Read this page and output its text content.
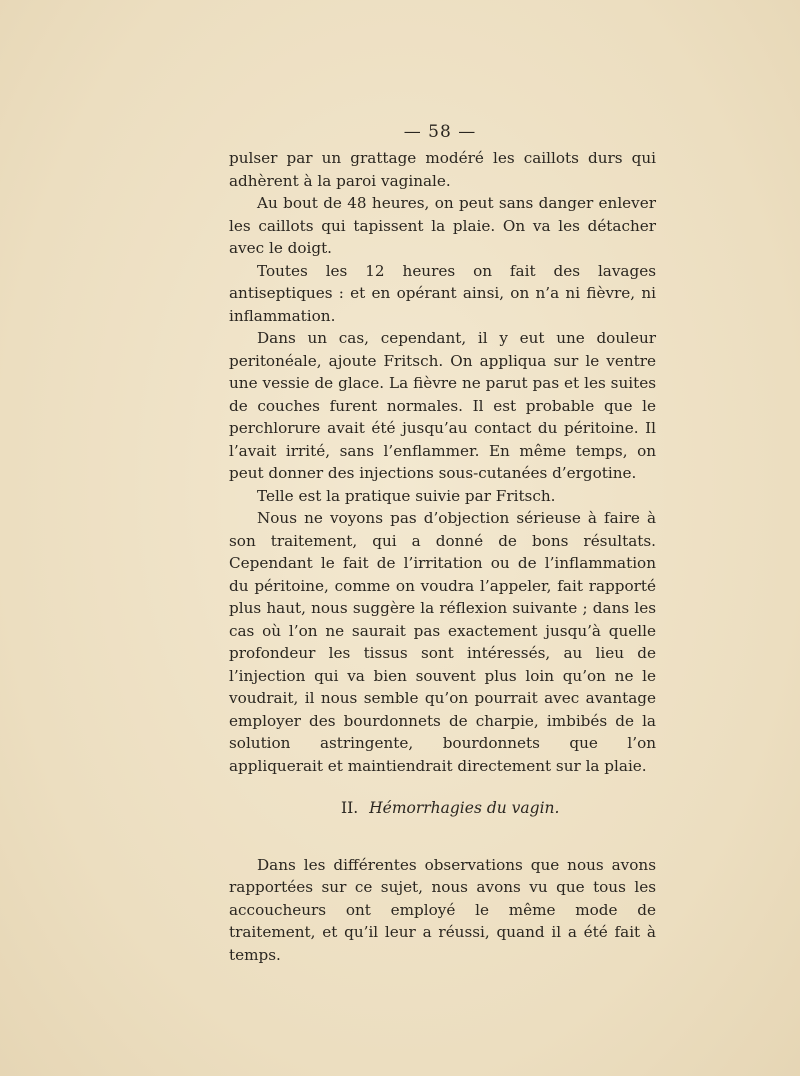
— 58 —

pulser par un grattage modéré les caillots durs qui adhèrent à la paroi vaginale.

Au bout de 48 heures, on peut sans danger enlever les caillots qui tapissent la plaie. On va les détacher avec le doigt.

Toutes les 12 heures on fait des lavages antiseptiques : et en opérant ainsi, on n’a ni fièvre, ni inflammation.

Dans un cas, cependant, il y eut une douleur peritonéale, ajoute Fritsch. On appliqua sur le ventre une vessie de glace. La fièvre ne parut pas et les suites de couches furent normales. Il est probable que le perchlorure avait été jusqu’au contact du péritoine. Il l’avait irrité, sans l’enflammer. En même temps, on peut donner des injections sous-cutanées d’ergotine.

Telle est la pratique suivie par Fritsch.

Nous ne voyons pas d’objection sérieuse à faire à son traitement, qui a donné de bons résultats. Cependant le fait de l’irritation ou de l’inflammation du péritoine, comme on voudra l’appeler, fait rapporté plus haut, nous suggère la réflexion suivante ; dans les cas où l’on ne saurait pas exactement jusqu’à quelle profondeur les tissus sont intéressés, au lieu de l’injection qui va bien souvent plus loin qu’on ne le voudrait, il nous semble qu’on pourrait avec avantage employer des bourdonnets de charpie, imbibés de la solution astringente, bourdonnets que l’on appliquerait et maintiendrait directement sur la plaie.

II. Hémorrhagies du vagin.

Dans les différentes observations que nous avons rapportées sur ce sujet, nous avons vu que tous les accoucheurs ont employé le même mode de traitement, et qu’il leur a réussi, quand il a été fait à temps.
